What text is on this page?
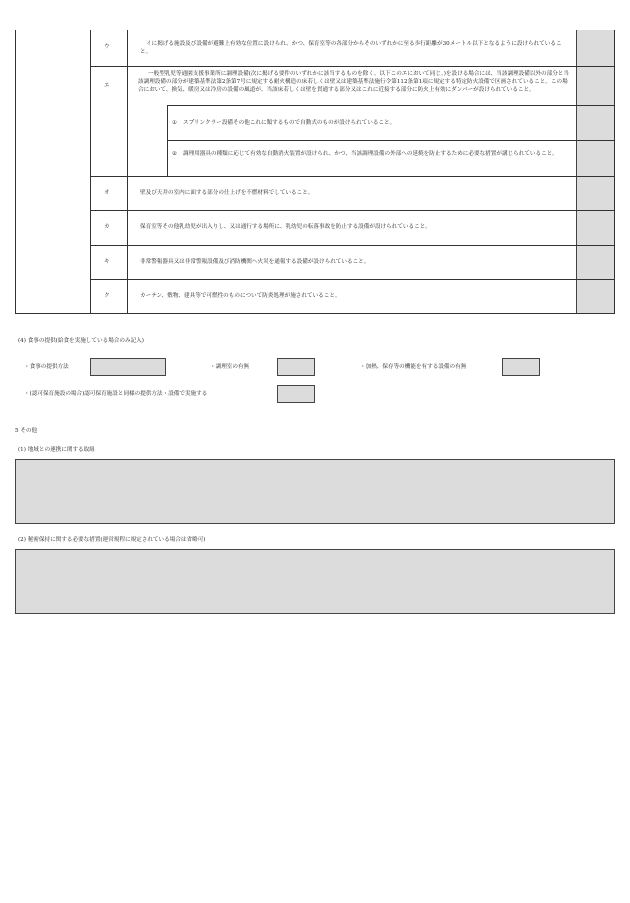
ウ
エ
オ
カ
キ
ク
イに掲げる施設及び設備が避難上有効な位置に設けられ、かつ、保育室等の各部分からそのいずれかに至る歩行距離が30メートル以下となるように設けられていること。
一般型乳児等通園支援事業所に調理設備(次に掲げる要件のいずれかに該当するものを除く。以下このエにおいて同じ。)を設ける場合には、当該調理設備以外の部分と当該調理設備の部分が建築基準法第2条第7号に規定する耐火構造の床若しくは壁又は建築基準法施行令第112条第1項に規定する特定防火設備で区画されていること。この場合において、換気、暖房又は冷房の設備の風道が、当該床若しくは壁を貫通する部分又はこれに近接する部分に防火上有効にダンパーが設けられていること。
① スプリンクラー設備その他これに類するもので自動式のものが設けられていること。
② 調理用器具の種類に応じて有効な自動消火装置が設けられ、かつ、当該調理設備の外部への延焼を防止するために必要な措置が講じられていること。
壁及び天井の室内に面する部分の仕上げを不燃材料でしていること。
保育室等その他乳幼児が出入りし、又は通行する場所に、乳幼児の転落事故を防止する設備が設けられていること。
非常警報器具又は非常警報設備及び消防機関へ火災を通報する設備が設けられていること。
カーテン、敷物、建具等で可燃性のものについて防炎処理が施されていること。
(4) 食事の提供(給食を実施している場合のみ記入)
・食事の提供方法	・調理室の有無	・加熱、保存等の機能を有する設備の有無
・(認可保育施設の場合)認可保育施設と同様の提供方法・設備で実施する
5 その他
(1) 地域との連携に関する取組
(2) 秘密保持に関する必要な措置(運営規程に規定されている場合は省略可)
